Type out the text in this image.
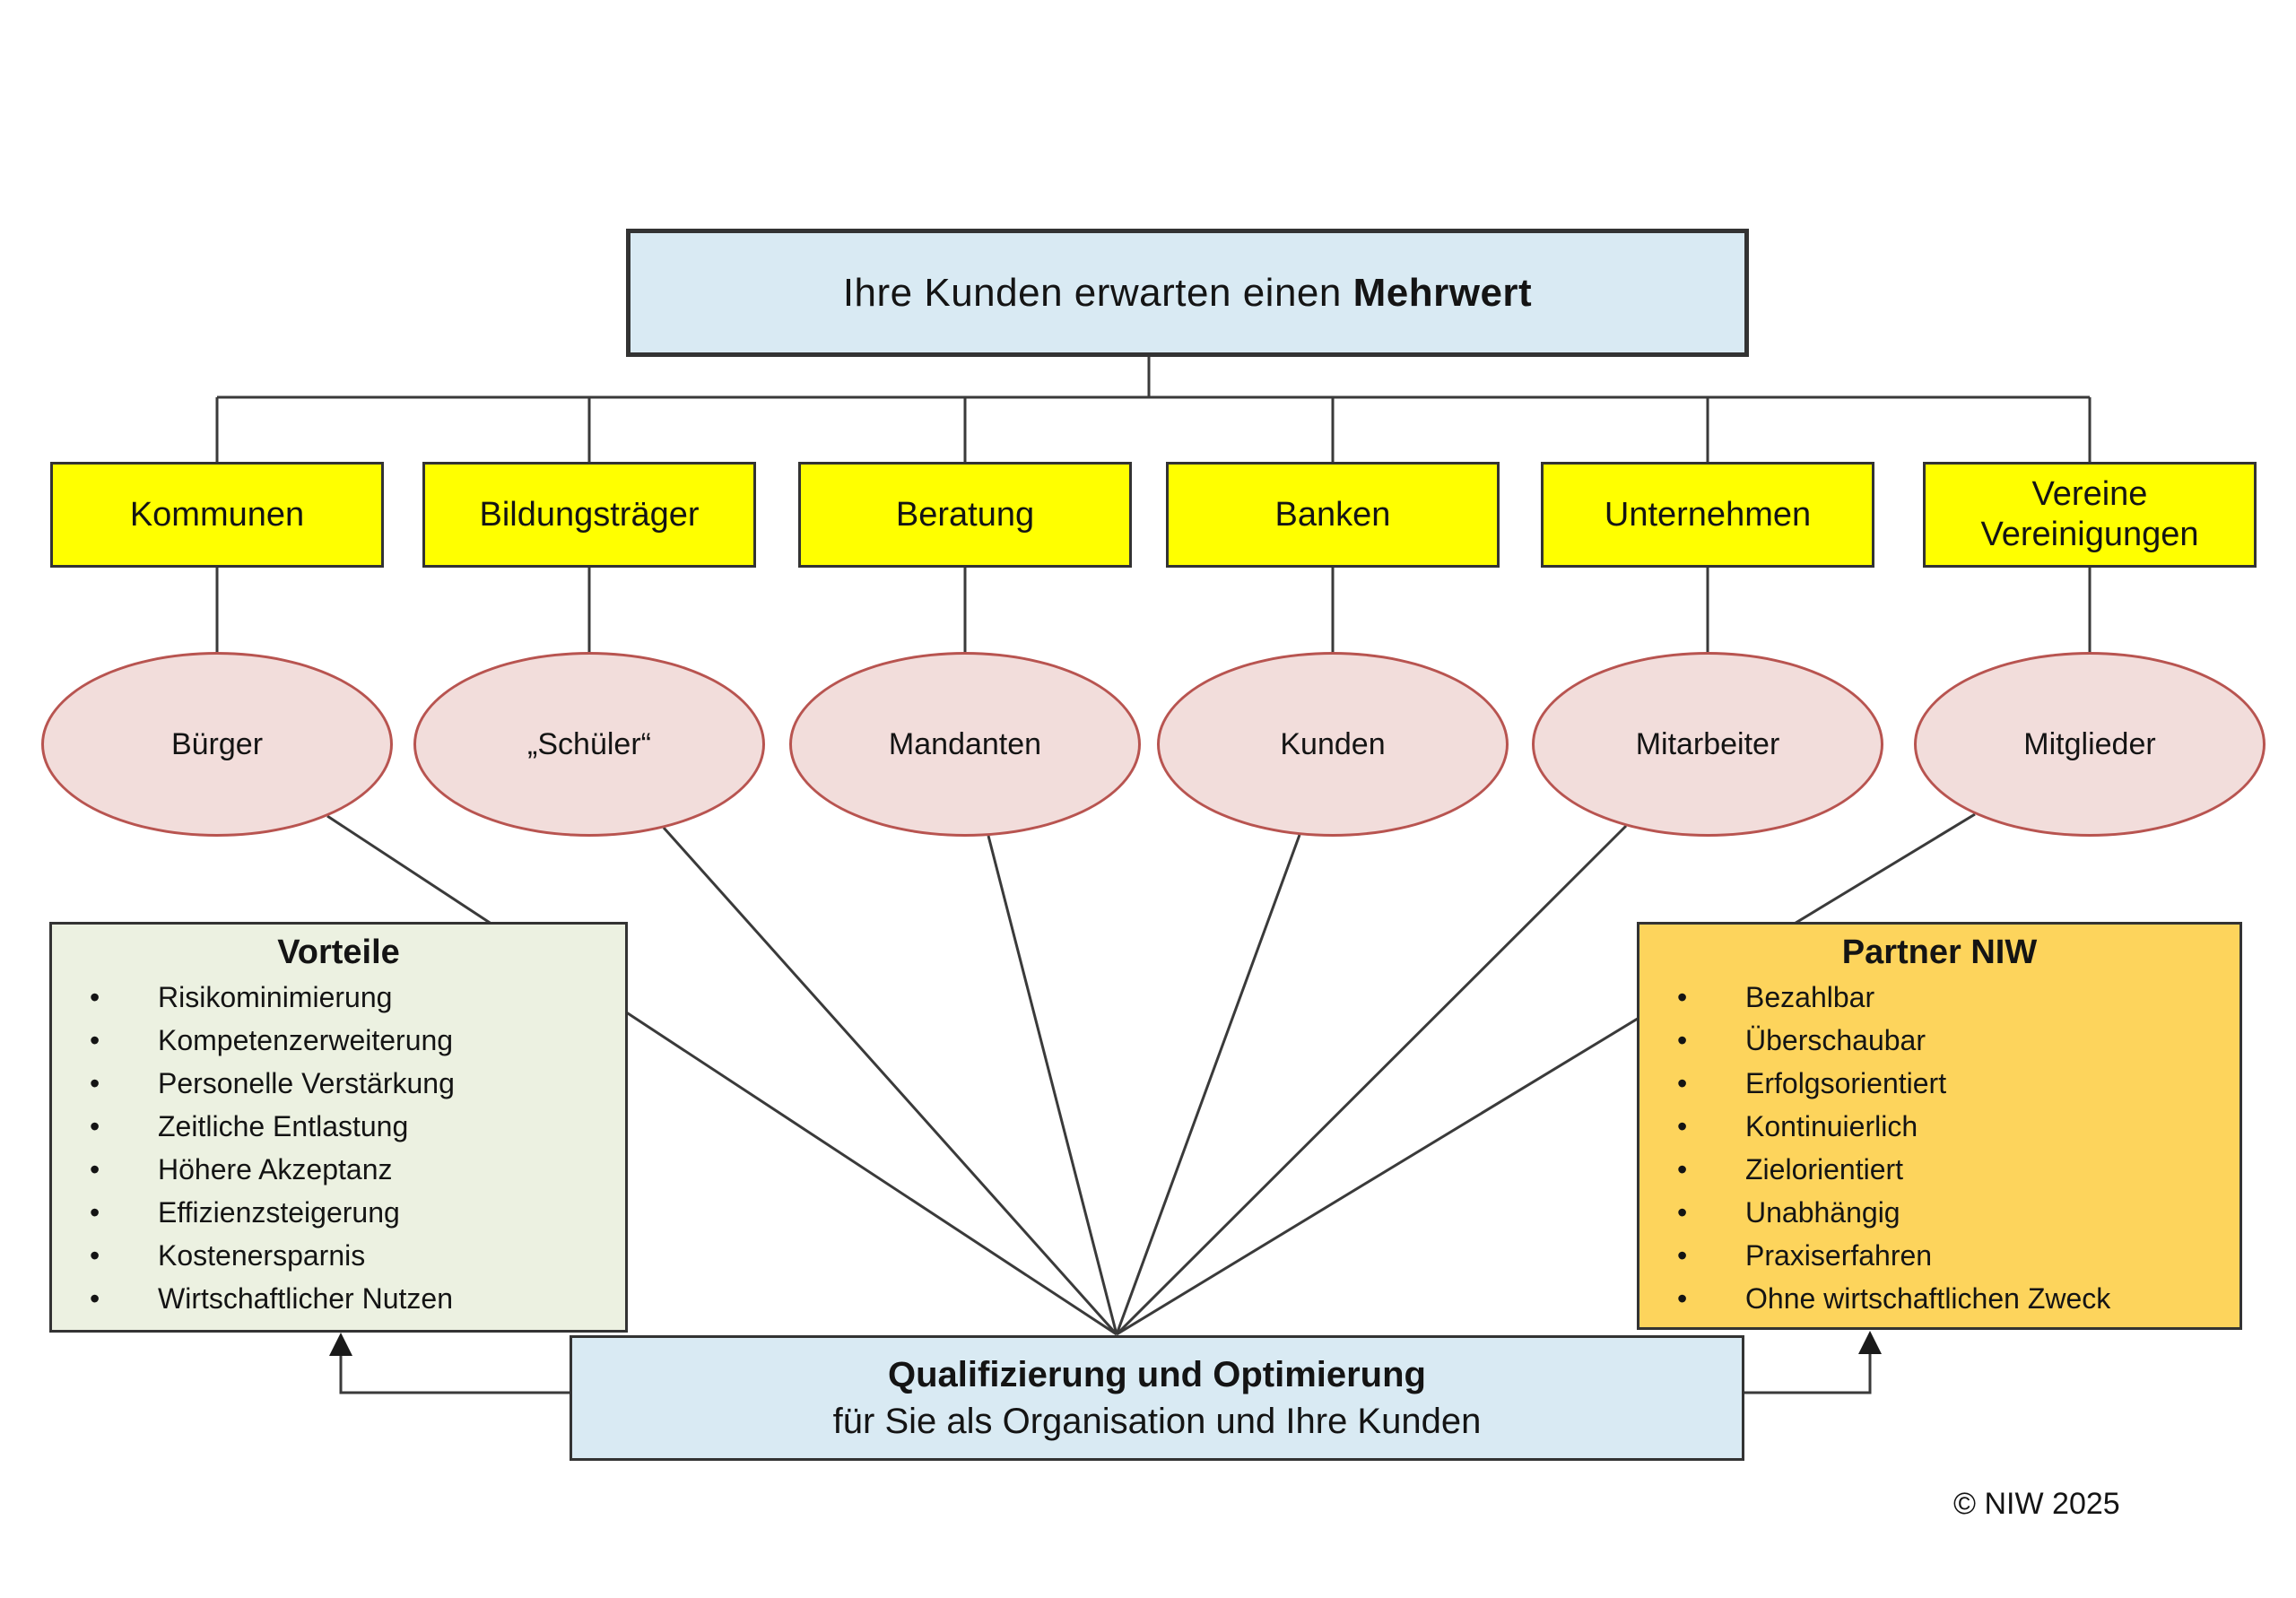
Ihre Kunden erwarten einen
Mehrwert
Kommunen	Bildungsträger	Beratung	Banken	Unternehmen
Vereine Vereinigungen
Bürger	„Schüler“	Mandanten	Kunden	Mitarbeiter	Mitglieder
Vorteile
• Risikominimierung
• Kompetenzerweiterung
• Personelle Verstärkung
• Zeitliche Entlastung
• Höhere Akzeptanz
• Effizienzsteigerung
• Kostenersparnis
• Wirtschaftlicher Nutzen
Partner NIW
• Bezahlbar
• Überschaubar
• Erfolgsorientiert
• Kontinuierlich
• Zielorientiert
• Unabhängig
• Praxiserfahren
• Ohne wirtschaftlichen Zweck
Qualifizierung und Optimierung
für Sie als Organisation und Ihre Kunden
© NIW 2025
